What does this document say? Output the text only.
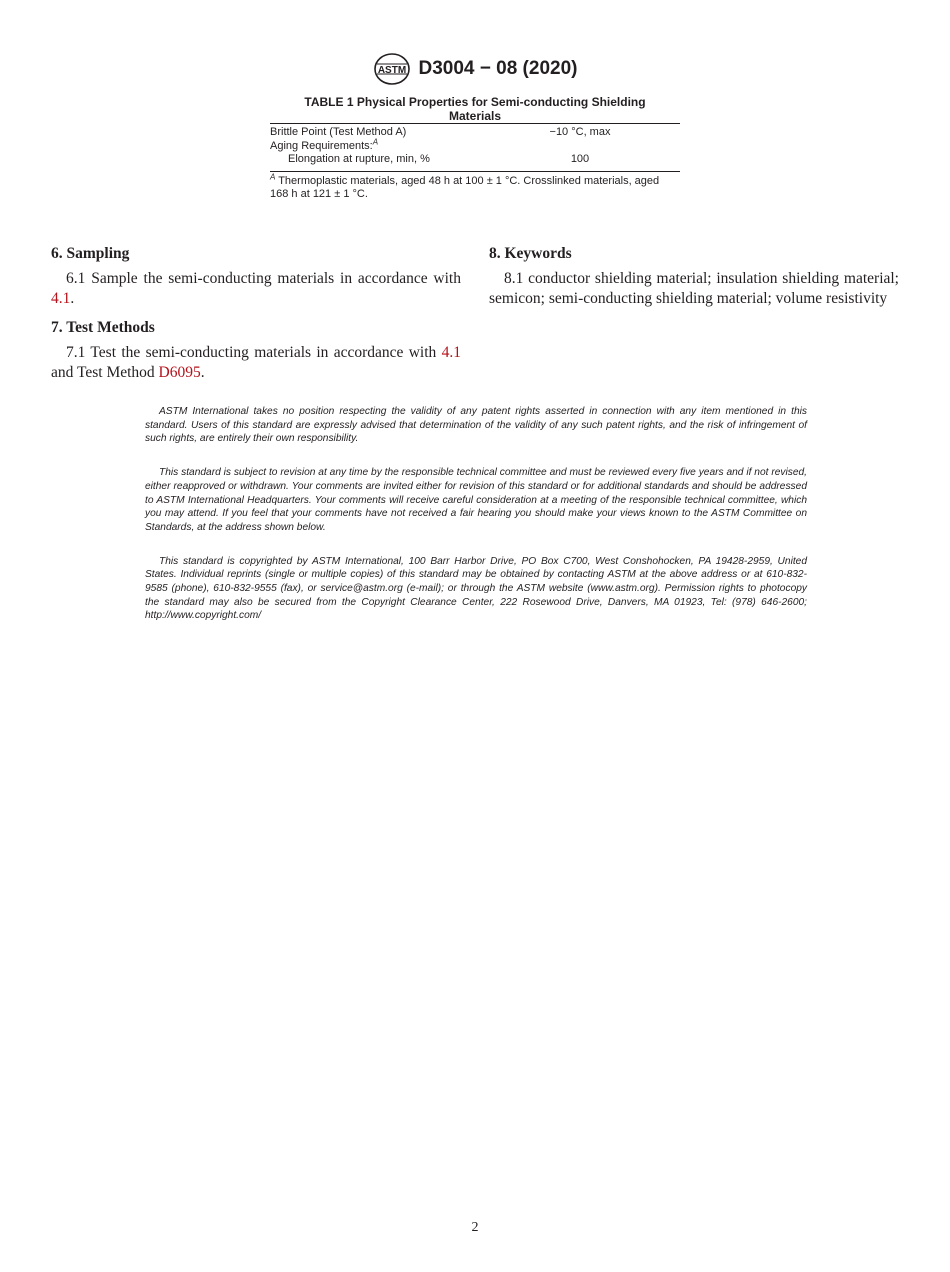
ASTM D3004 − 08 (2020)
TABLE 1 Physical Properties for Semi-conducting Shielding
Materials
Brittle Point (Test Method A)	−10 °C, max
Aging Requirements:$^A$	
Elongation at rupture, min, %	100
$^A$ Thermoplastic materials, aged 48 h at 100 ± 1 °C. Crosslinked materials, aged 168 h at 121 ± 1 °C.
6. Sampling

6.1 Sample the semi-conducting materials in accordance with 4.1.

7. Test Methods

7.1 Test the semi-conducting materials in accordance with 4.1 and Test Method D6095.

8. Keywords

8.1 conductor shielding material; insulation shielding material; semicon; semi-conducting shielding material; volume resistivity

ASTM International takes no position respecting the validity of any patent rights asserted in connection with any item mentioned in this standard. Users of this standard are expressly advised that determination of the validity of any such patent rights, and the risk of infringement of such rights, are entirely their own responsibility.

This standard is subject to revision at any time by the responsible technical committee and must be reviewed every five years and if not revised, either reapproved or withdrawn. Your comments are invited either for revision of this standard or for additional standards and should be addressed to ASTM International Headquarters. Your comments will receive careful consideration at a meeting of the responsible technical committee, which you may attend. If you feel that your comments have not received a fair hearing you should make your views known to the ASTM Committee on Standards, at the address shown below.

This standard is copyrighted by ASTM International, 100 Barr Harbor Drive, PO Box C700, West Conshohocken, PA 19428-2959, United States. Individual reprints (single or multiple copies) of this standard may be obtained by contacting ASTM at the above address or at 610-832-9585 (phone), 610-832-9555 (fax), or service@astm.org (e-mail); or through the ASTM website (www.astm.org). Permission rights to photocopy the standard may also be secured from the Copyright Clearance Center, 222 Rosewood Drive, Danvers, MA 01923, Tel: (978) 646-2600; http://www.copyright.com/

2
